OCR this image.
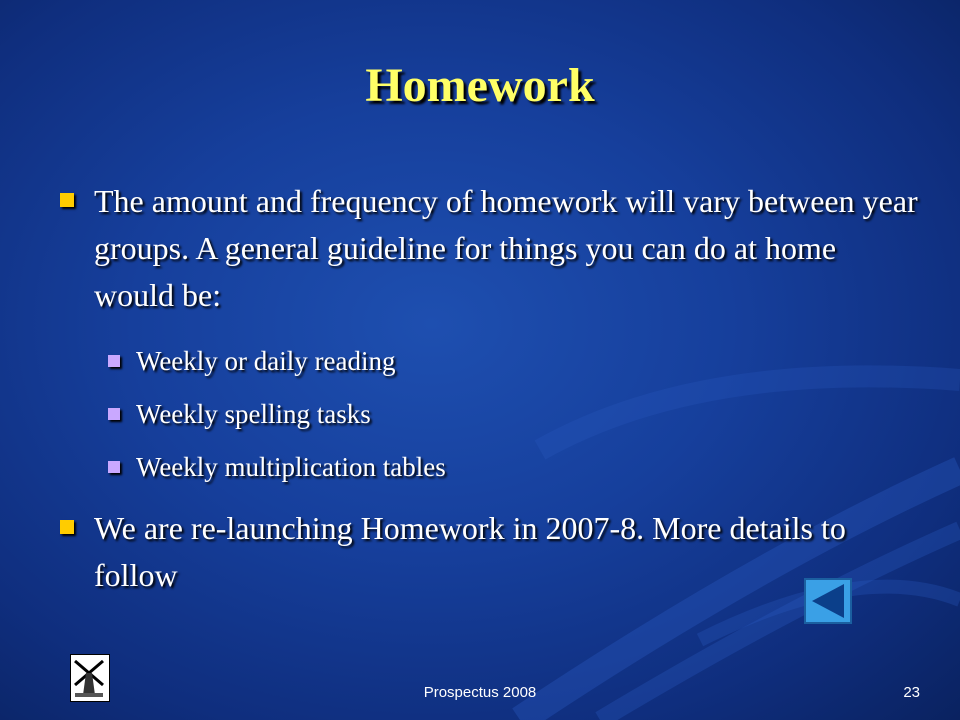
Homework
The amount and frequency of homework will vary between year groups. A general guideline for things you can do at home would be:
Weekly or daily reading
Weekly spelling tasks
Weekly multiplication tables
We are re-launching Homework in 2007-8. More details to follow
Prospectus 2008	23
